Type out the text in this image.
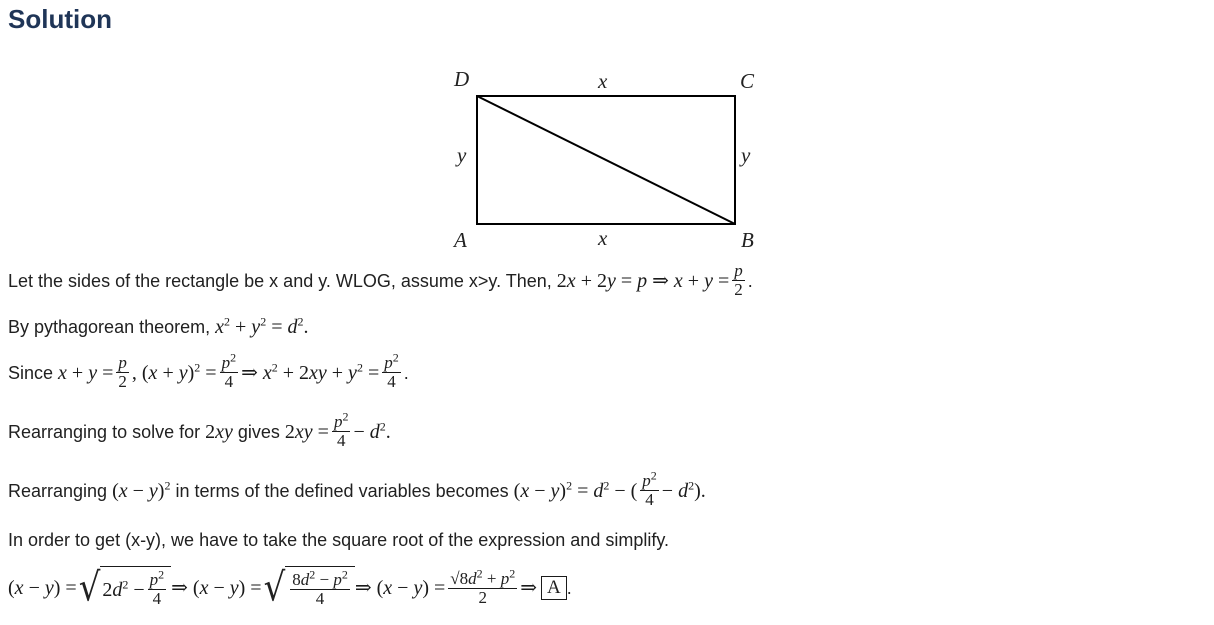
Solution
D	C
A	B
x
x
y	y
Let the sides of the rectangle be x and y. WLOG, assume x>y. Then, 2x + 2y = p ⇒ $x + y = \frac{p}{2}$ .
By pythagorean theorem, $x^2 + y^2 = d^2$.
Since $x + y = \frac{p}{2}$ , $(x + y)^2 = \frac{p^2}{4}$ ⇒ $x^2 + 2xy + y^2 = \frac{p^2}{4}$ .
Rearranging to solve for 2xy gives $2xy = \frac{p^2}{4} - d^2$.
Rearranging $(x - y)^2$ in terms of the defined variables becomes $(x - y)^2 = d^2$ − ( $\frac{p^2}{4} - d^2$).
In order to get (x-y), we have to take the square root of the expression and simplify.
(x − y) = √ $2d^2 - \frac{p^2}{4}$ ⇒ (x − y) = √ $\frac{8d^2 - p^2}{4}$ ⇒ $(x - y) = \frac{√8d^2 + p^2}{2}$ ⇒ A .
